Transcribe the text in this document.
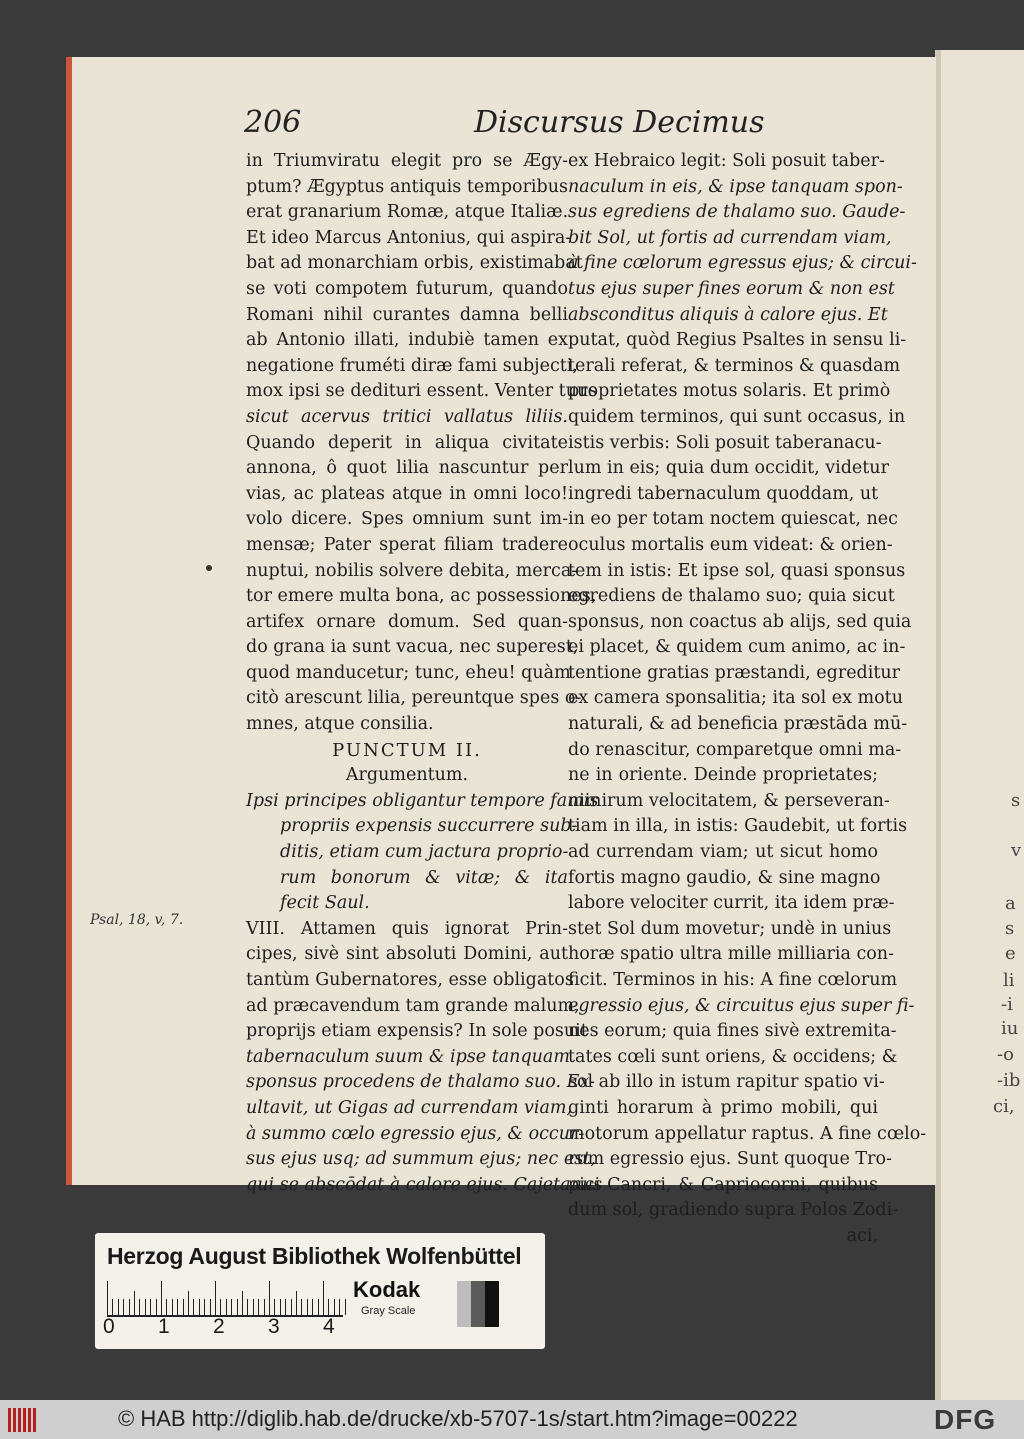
s
v
a
s
e
li
-i
iu
-o
-ib
ci,
206	Discursus Decimus
in Triumviratu elegit pro se Ægy-
ptum? Ægyptus antiquis temporibus
erat granarium Romæ, atque Italiæ.
Et ideo Marcus Antonius, qui aspira-
bat ad monarchiam orbis, existimabat
se voti compotem futurum, quando
Romani nihil curantes damna belli
ab Antonio illati, indubiè tamen ex
negatione fruméti diræ fami subjecti,
mox ipsi se dedituri essent. Venter tuus
sicut acervus tritici vallatus liliis.
Quando deperit in aliqua civitate
annona, ô quot lilia nascuntur per
vias, ac plateas atque in omni loco!
volo dicere. Spes omnium sunt im-
mensæ; Pater sperat filiam tradere
nuptui, nobilis solvere debita, merca-
tor emere multa bona, ac possessiones,
artifex ornare domum. Sed quan-
do grana ia sunt vacua, nec superest,
quod manducetur; tunc, eheu! quàm
citò arescunt lilia, pereuntque spes o-
mnes, atque consilia.
PUNCTUM II.
Argumentum.
Ipsi principes obligantur tempore famis
propriis expensis succurrere sub-
ditis, etiam cum jactura proprio-
rum bonorum & vitæ; & ita
fecit Saul.
VIII. Attamen quis ignorat Prin-
cipes, sivè sint absoluti Domini, aut
tantùm Gubernatores, esse obligatos
ad præcavendum tam grande malum,
proprijs etiam expensis? In sole posuit
tabernaculum suum & ipse tanquam
sponsus procedens de thalamo suo. Ex-
ultavit, ut Gigas ad currendam viam,
à summo cœlo egressio ejus, & occur-
sus ejus usq; ad summum ejus; nec est,
qui se abscōdat à calore ejus. Cajetanus
ex Hebraico legit: Soli posuit taber-
naculum in eis, & ipse tanquam spon-
sus egrediens de thalamo suo. Gaude-
bit Sol, ut fortis ad currendam viam,
à fine cœlorum egressus ejus; & circui-
tus ejus super fines eorum & non est
absconditus aliquis à calore ejus. Et
putat, quòd Regius Psaltes in sensu li-
terali referat, & terminos & quasdam
proprietates motus solaris. Et primò
quidem terminos, qui sunt occasus, in
istis verbis: Soli posuit taberanacu-
lum in eis; quia dum occidit, videtur
ingredi tabernaculum quoddam, ut
in eo per totam noctem quiescat, nec
oculus mortalis eum videat: & orien-
tem in istis: Et ipse sol, quasi sponsus
egrediens de thalamo suo; quia sicut
sponsus, non coactus ab alijs, sed quia
ei placet, & quidem cum animo, ac in-
tentione gratias præstandi, egreditur
ex camera sponsalitia; ita sol ex motu
naturali, & ad beneficia præstāda mū-
do renascitur, comparetque omni ma-
ne in oriente. Deinde proprietates;
nimirum velocitatem, & perseveran-
tiam in illa, in istis: Gaudebit, ut fortis
ad currendam viam; ut sicut homo
fortis magno gaudio, & sine magno
labore velociter currit, ita idem præ-
stet Sol dum movetur; undè in unius
horæ spatio ultra mille milliaria con-
ficit. Terminos in his: A fine cœlorum
egressio ejus, & circuitus ejus super fi-
nes eorum; quia fines sivè extremita-
tates cœli sunt oriens, & occidens; &
sol ab illo in istum rapitur spatio vi-
ginti horarum à primo mobili, qui
motorum appellatur raptus. A fine cœlo-
rum egressio ejus. Sunt quoque Tro-
pici Cancri, & Capriocorni, quibus
dum sol, gradiendo supra Polos Zodi-
aci,
Psal, 18, v, 7.
Herzog August Bibliothek Wolfenbüttel
0 1 2 3 4
Kodak
Gray Scale
© HAB http://diglib.hab.de/drucke/xb-5707-1s/start.htm?image=00222	DFG
